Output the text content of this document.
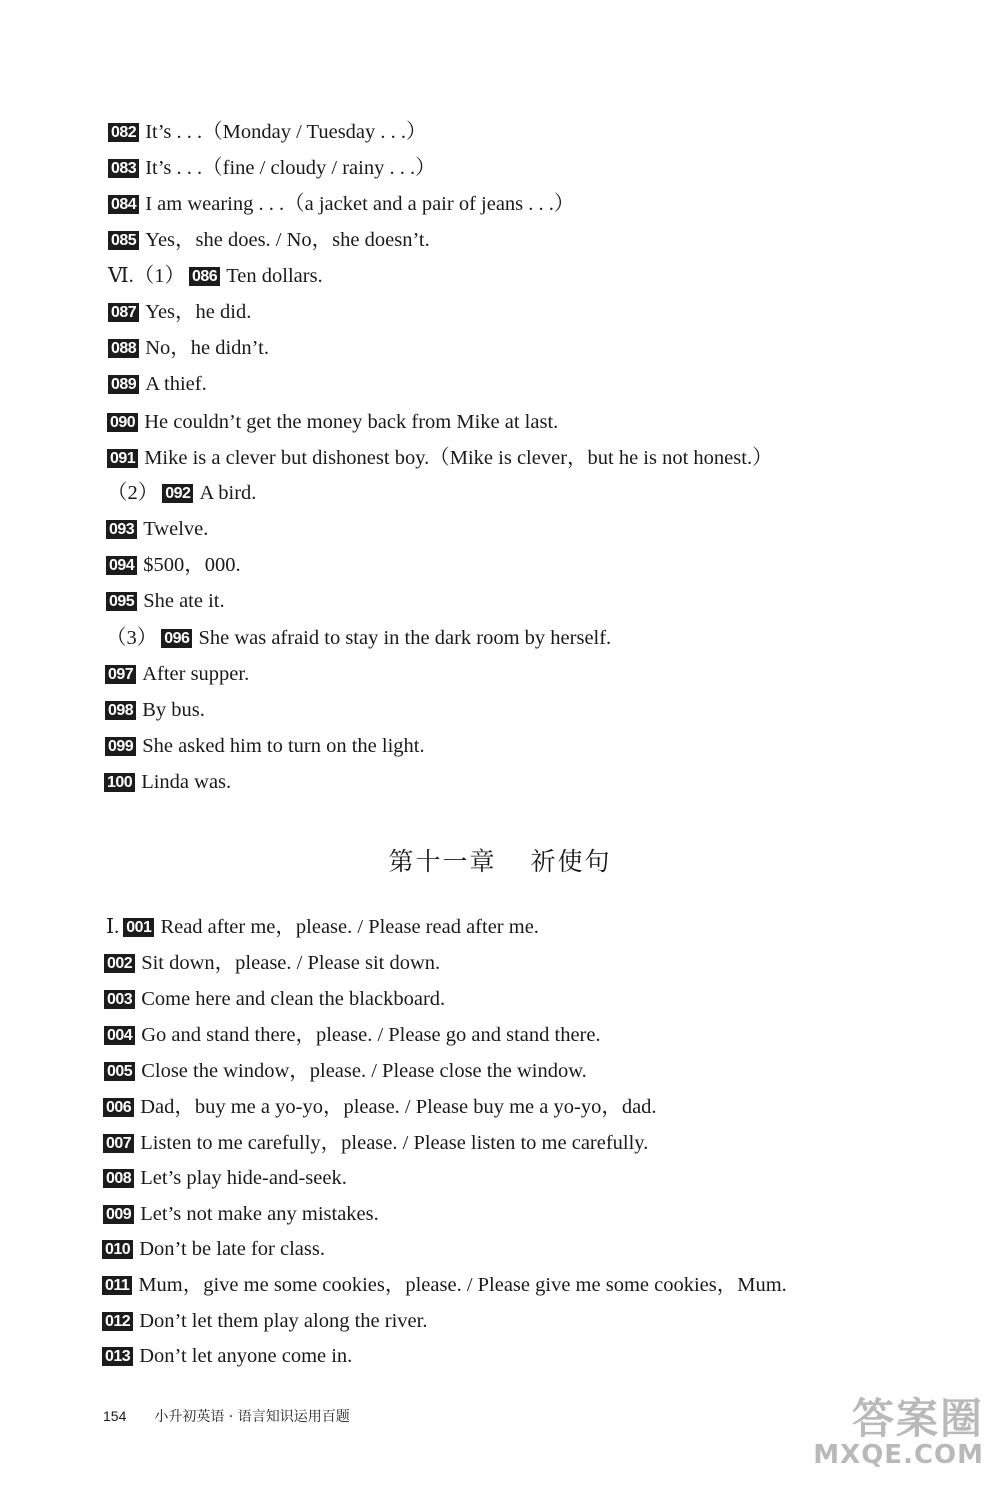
082 It’s . . .（Monday / Tuesday . . .）
083 It’s . . .（fine / cloudy / rainy . . .）
084 I am wearing . . .（a jacket and a pair of jeans . . .）
085 Yes，she does. / No，she doesn’t.
Ⅵ.（1） 086 Ten dollars.
087 Yes，he did.
088 No，he didn’t.
089 A thief.
090 He couldn’t get the money back from Mike at last.
091 Mike is a clever but dishonest boy.（Mike is clever，but he is not honest.）
（2） 092 A bird.
093 Twelve.
094 $500，000.
095 She ate it.
（3） 096 She was afraid to stay in the dark room by herself.
097 After supper.
098 By bus.
099 She asked him to turn on the light.
100 Linda was.
第十一章 祈使句
Ⅰ. 001 Read after me，please. / Please read after me.
002 Sit down，please. / Please sit down.
003 Come here and clean the blackboard.
004 Go and stand there，please. / Please go and stand there.
005 Close the window，please. / Please close the window.
006 Dad，buy me a yo-yo，please. / Please buy me a yo-yo，dad.
007 Listen to me carefully，please. / Please listen to me carefully.
008 Let’s play hide-and-seek.
009 Let’s not make any mistakes.
010 Don’t be late for class.
011 Mum，give me some cookies，please. / Please give me some cookies，Mum.
012 Don’t let them play along the river.
013 Don’t let anyone come in.
154 小升初英语 · 语言知识运用百题	答案圈
MXQE.COM
